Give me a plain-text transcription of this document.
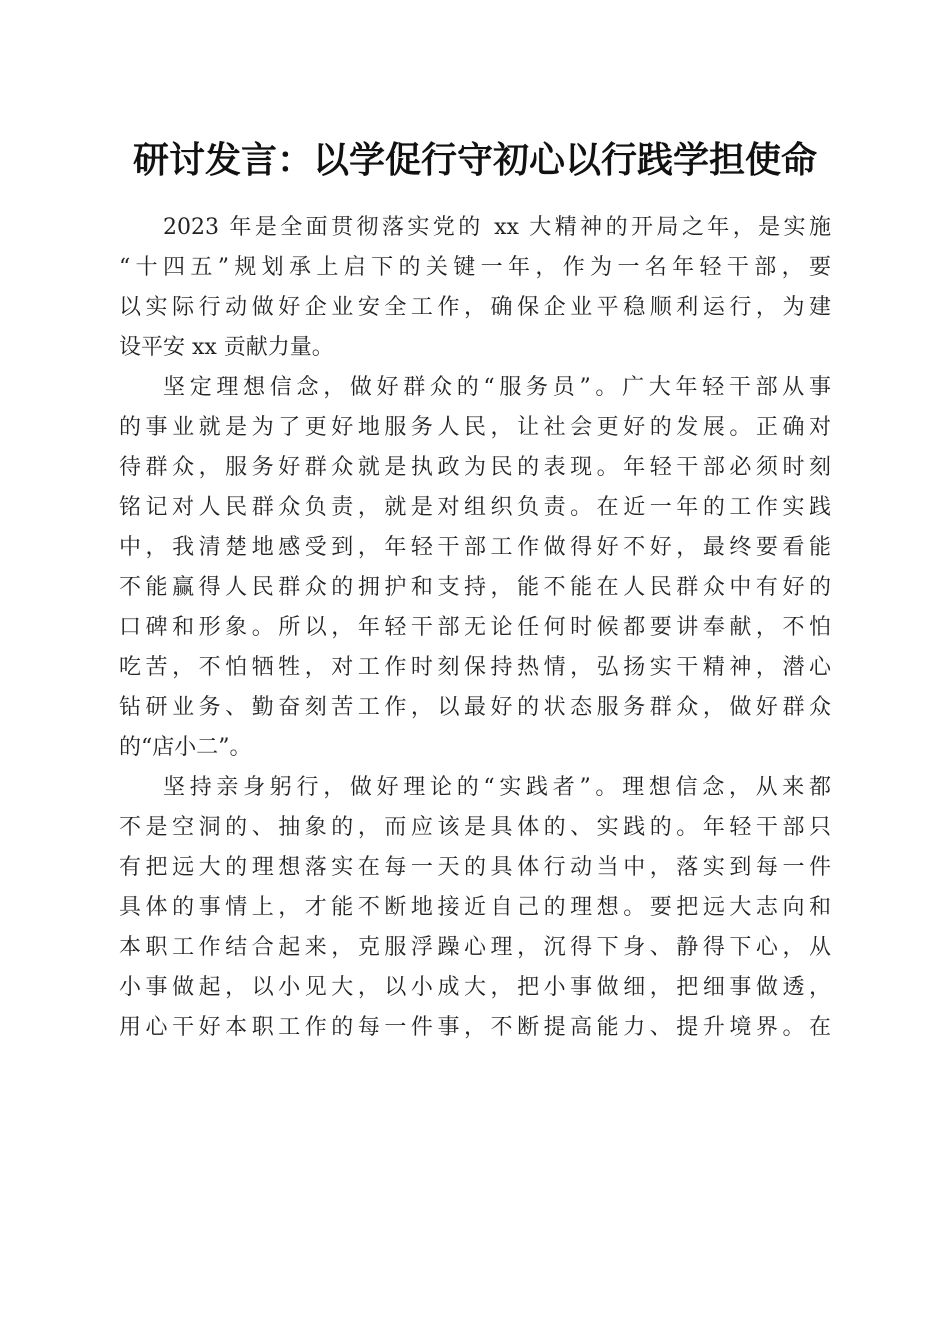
研讨发言：以学促行守初心以行践学担使命
2023 年是全面贯彻落实党的 xx 大精神的开局之年，是实施
“十四五”规划承上启下的关键一年，作为一名年轻干部，要
以实际行动做好企业安全工作，确保企业平稳顺利运行，为建
设平安 xx 贡献力量。
坚定理想信念，做好群众的“服务员”。广大年轻干部从事
的事业就是为了更好地服务人民，让社会更好的发展。正确对
待群众，服务好群众就是执政为民的表现。年轻干部必须时刻
铭记对人民群众负责，就是对组织负责。在近一年的工作实践
中，我清楚地感受到，年轻干部工作做得好不好，最终要看能
不能赢得人民群众的拥护和支持，能不能在人民群众中有好的
口碑和形象。所以，年轻干部无论任何时候都要讲奉献，不怕
吃苦，不怕牺牲，对工作时刻保持热情，弘扬实干精神，潜心
钻研业务、勤奋刻苦工作，以最好的状态服务群众，做好群众
的“店小二”。
坚持亲身躬行，做好理论的“实践者”。理想信念，从来都
不是空洞的、抽象的，而应该是具体的、实践的。年轻干部只
有把远大的理想落实在每一天的具体行动当中，落实到每一件
具体的事情上，才能不断地接近自己的理想。要把远大志向和
本职工作结合起来，克服浮躁心理，沉得下身、静得下心，从
小事做起，以小见大，以小成大，把小事做细，把细事做透，
用心干好本职工作的每一件事，不断提高能力、提升境界。在
